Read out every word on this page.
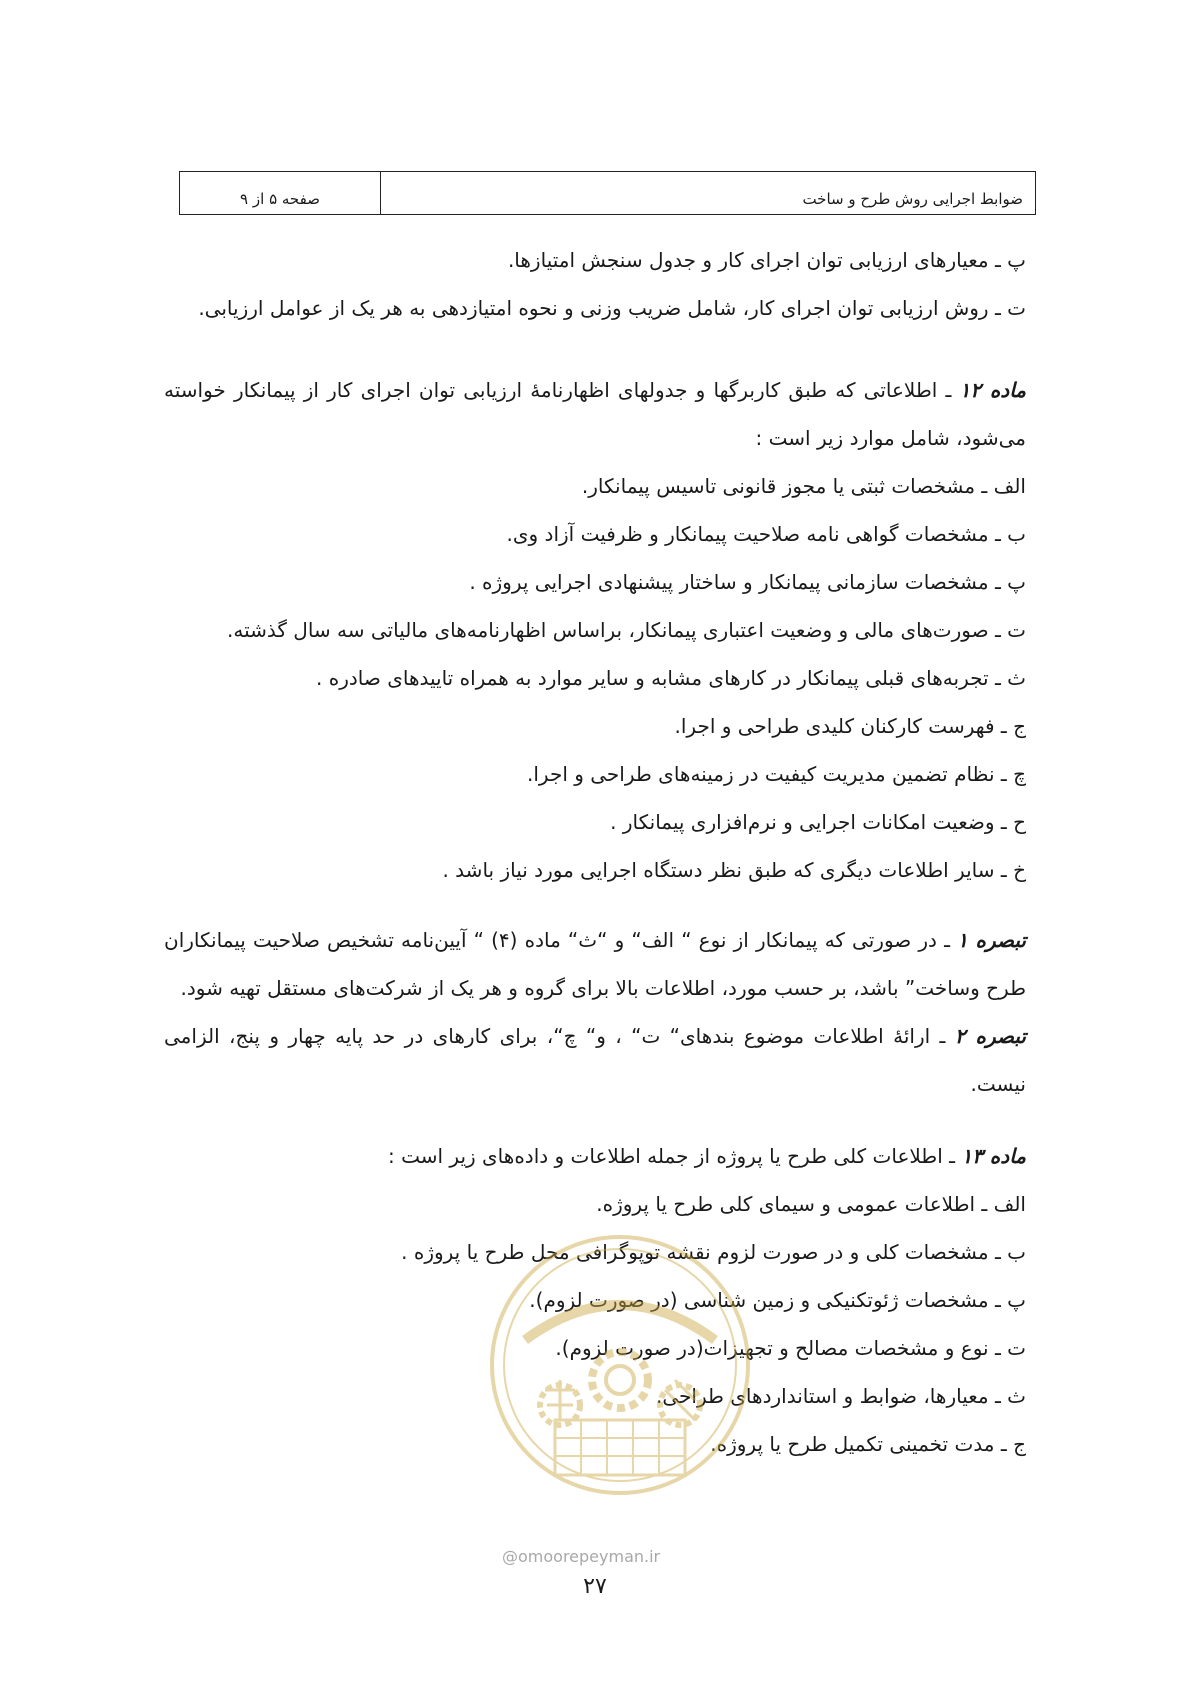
ضوابط اجرایی روش طرح و ساخت
صفحه ۵ از ۹
پ ـ معیارهای ارزیابی توان اجرای کار و جدول سنجش امتیازها.
ت ـ روش ارزیابی توان اجرای کار، شامل ضریب وزنی و نحوه امتیازدهی به هر یک از عوامل ارزیابی.
ماده ۱۲ ـ اطلاعاتی که طبق کاربرگها و جدولهای اظهارنامهٔ ارزیابی توان اجرای کار از پیمانکار خواسته
می‌شود، شامل موارد زیر است :
الف ـ مشخصات ثبتی یا مجوز قانونی تاسیس پیمانکار.
ب ـ مشخصات گواهی نامه صلاحیت پیمانکار و ظرفیت آزاد وی.
پ ـ مشخصات سازمانی پیمانکار و ساختار پیشنهادی اجرایی پروژه .
ت ـ صورت‌های مالی و وضعیت اعتباری پیمانکار، براساس اظهارنامه‌های مالیاتی سه سال گذشته.
ث ـ تجربه‌های قبلی پیمانکار در کارهای مشابه و سایر موارد به همراه تاییدهای صادره .
ج ـ فهرست کارکنان کلیدی طراحی و اجرا.
چ ـ نظام تضمین مدیریت کیفیت در زمینه‌های طراحی و اجرا.
ح ـ وضعیت امکانات اجرایی و نرم‌افزاری پیمانکار .
خ ـ سایر اطلاعات دیگری که طبق نظر دستگاه اجرایی مورد نیاز باشد .
تبصره ۱ ـ در صورتی که پیمانکار از نوع “ الف“ و “ث“ ماده (۴) “ آیین‌نامه تشخیص صلاحیت پیمانکاران
طرح وساخت” باشد، بر حسب مورد، اطلاعات بالا برای گروه و هر یک از شرکت‌های مستقل تهیه شود.
تبصره ۲ ـ ارائهٔ اطلاعات موضوع بندهای“ ت“ ، و“ چ“، برای کارهای در حد پایه چهار و پنج، الزامی
نیست.
ماده ۱۳ ـ اطلاعات کلی طرح یا پروژه از جمله اطلاعات و داده‌های زیر است :
الف ـ اطلاعات عمومی و سیمای کلی طرح یا پروژه.
ب ـ مشخصات کلی و در صورت لزوم نقشه توپوگرافی محل طرح یا پروژه .
پ ـ مشخصات ژئوتکنیکی و زمین شناسی (در صورت لزوم).
ت ـ نوع و مشخصات مصالح و تجهیزات(در صورت لزوم).
ث ـ معیارها، ضوابط و استانداردهای طراحی.
ج ـ مدت تخمینی تکمیل طرح یا پروژه.
@omoorepeyman.ir
۲۷
